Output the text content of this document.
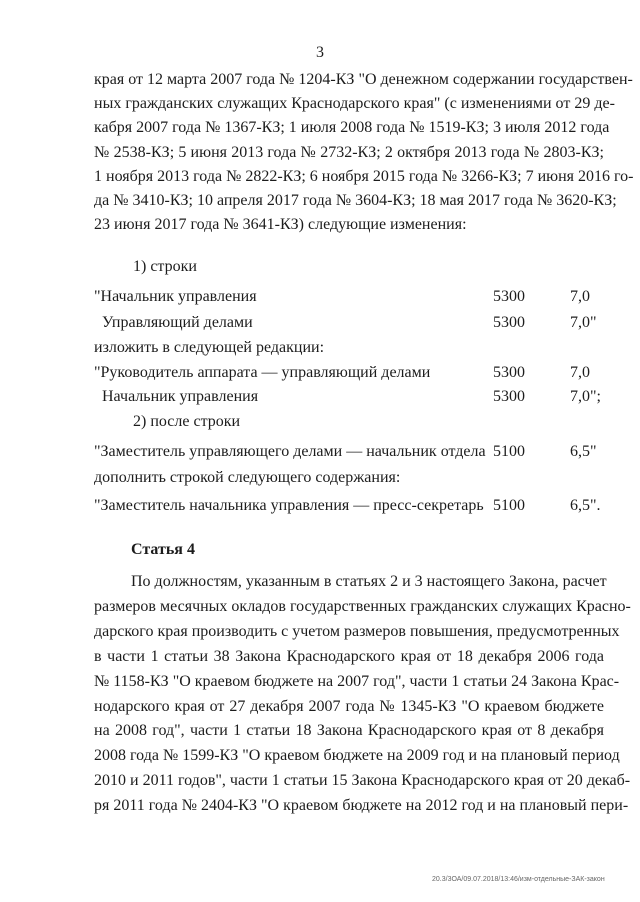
3
края от 12 марта 2007 года № 1204-КЗ "О денежном содержании государствен-
ных гражданских служащих Краснодарского края" (с изменениями от 29 де-
кабря 2007 года № 1367-КЗ; 1 июля 2008 года № 1519-КЗ; 3 июля 2012 года
№ 2538-КЗ; 5 июня 2013 года № 2732-КЗ; 2 октября 2013 года № 2803-КЗ;
1 ноября 2013 года № 2822-КЗ; 6 ноября 2015 года № 3266-КЗ; 7 июня 2016 го-
да № 3410-КЗ; 10 апреля 2017 года № 3604-КЗ; 18 мая 2017 года № 3620-КЗ;
23 июня 2017 года № 3641-КЗ) следующие изменения:
1) строки
"Начальник управления	5300	7,0
Управляющий делами	5300	7,0"
изложить в следующей редакции:
"Руководитель аппарата — управляющий делами	5300	7,0
Начальник управления	5300	7,0";
2) после строки
"Заместитель управляющего делами — начальник отдела 5100	6,5"
дополнить строкой следующего содержания:
"Заместитель начальника управления — пресс-секретарь 5100	6,5".
Статья 4
По должностям, указанным в статьях 2 и 3 настоящего Закона, расчет
размеров месячных окладов государственных гражданских служащих Красно-
дарского края производить с учетом размеров повышения, предусмотренных
в части 1 статьи 38 Закона Краснодарского края от 18 декабря 2006 года
№ 1158-КЗ "О краевом бюджете на 2007 год", части 1 статьи 24 Закона Крас-
нодарского края от 27 декабря 2007 года № 1345-КЗ "О краевом бюджете
на 2008 год", части 1 статьи 18 Закона Краснодарского края от 8 декабря
2008 года № 1599-КЗ "О краевом бюджете на 2009 год и на плановый период
2010 и 2011 годов", части 1 статьи 15 Закона Краснодарского края от 20 декаб-
ря 2011 года № 2404-КЗ "О краевом бюджете на 2012 год и на плановый пери-
20.3/3ОА/09.07.2018/13:46/изм-отдельные-ЗАК-закон
